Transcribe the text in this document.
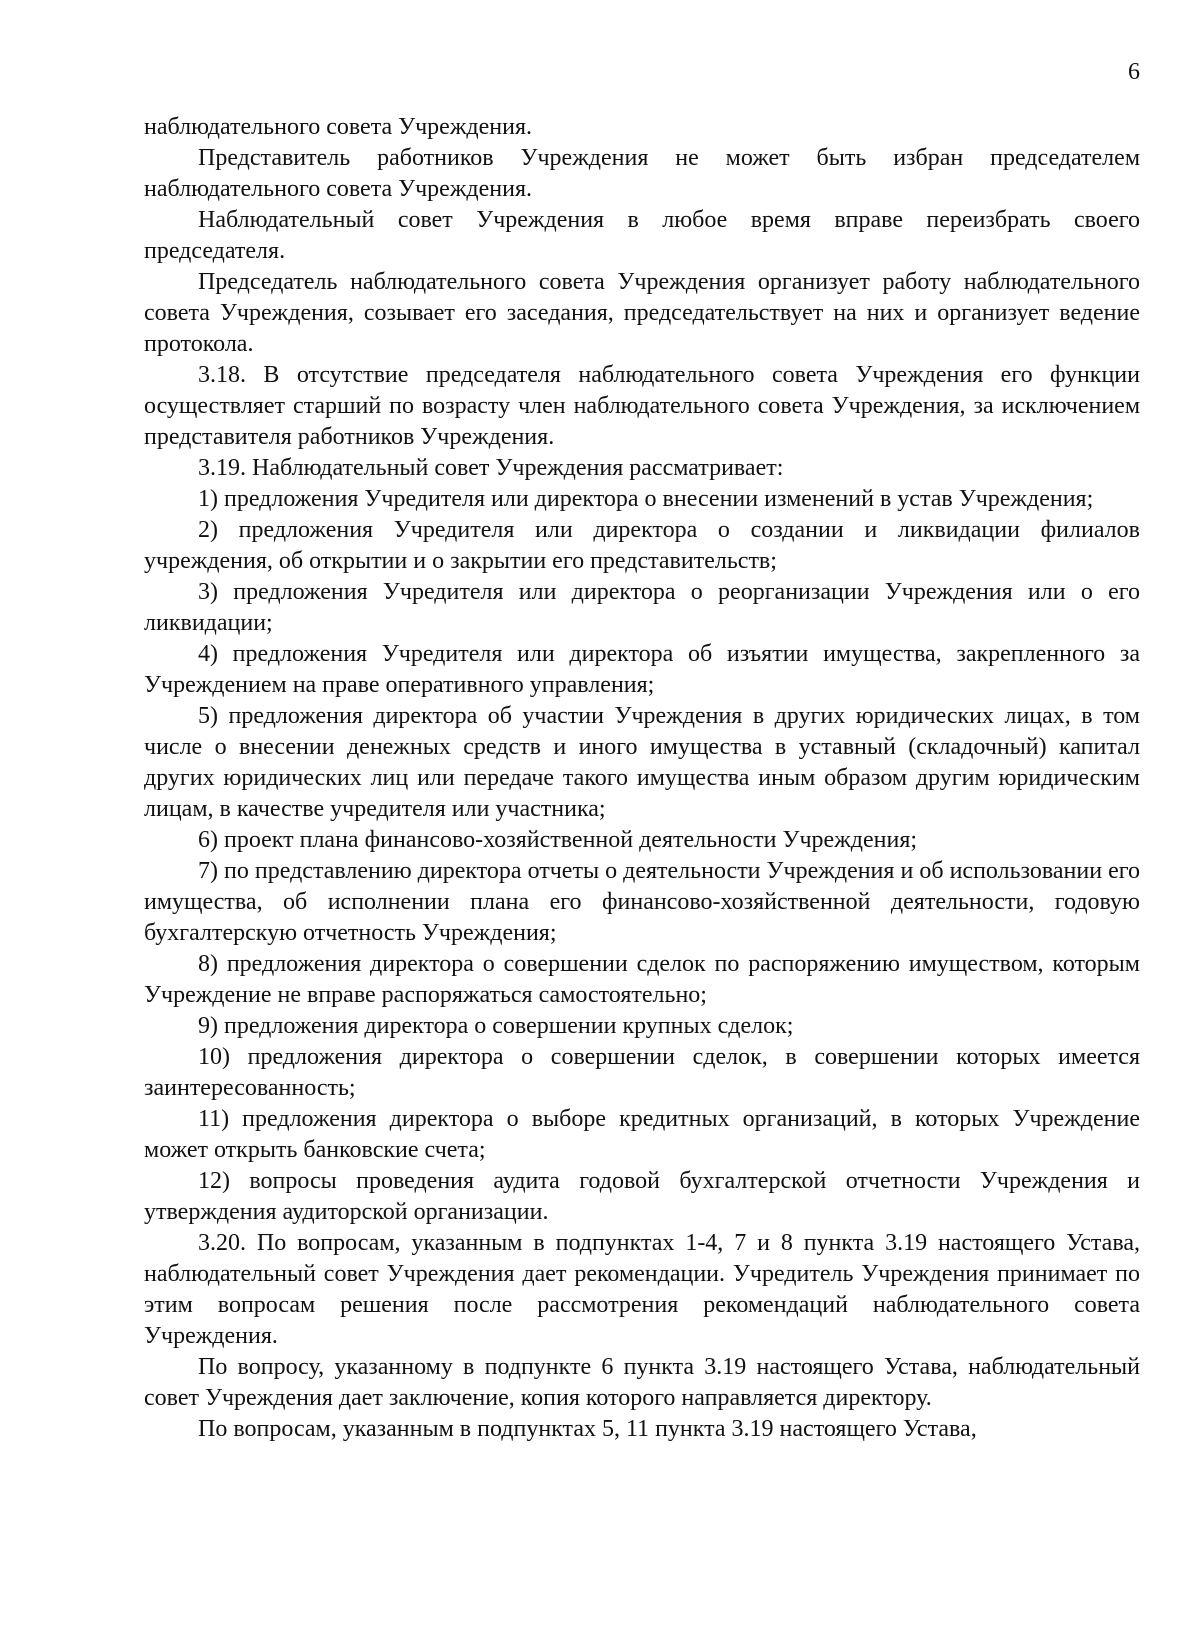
6

наблюдательного совета Учреждения.

Представитель работников Учреждения не может быть избран председателем наблюдательного совета Учреждения.

Наблюдательный совет Учреждения в любое время вправе переизбрать своего председателя.

Председатель наблюдательного совета Учреждения организует работу наблюдательного совета Учреждения, созывает его заседания, председательствует на них и организует ведение протокола.

3.18. В отсутствие председателя наблюдательного совета Учреждения его функции осуществляет старший по возрасту член наблюдательного совета Учреждения, за исключением представителя работников Учреждения.

3.19. Наблюдательный совет Учреждения рассматривает:

1) предложения Учредителя или директора о внесении изменений в устав Учреждения;

2) предложения Учредителя или директора о создании и ликвидации филиалов учреждения, об открытии и о закрытии его представительств;

3) предложения Учредителя или директора о реорганизации Учреждения или о его ликвидации;

4) предложения Учредителя или директора об изъятии имущества, закрепленного за Учреждением на праве оперативного управления;

5) предложения директора об участии Учреждения в других юридических лицах, в том числе о внесении денежных средств и иного имущества в уставный (складочный) капитал других юридических лиц или передаче такого имущества иным образом другим юридическим лицам, в качестве учредителя или участника;

6) проект плана финансово-хозяйственной деятельности Учреждения;

7) по представлению директора отчеты о деятельности Учреждения и об использовании его имущества, об исполнении плана его финансово-хозяйственной деятельности, годовую бухгалтерскую отчетность Учреждения;

8) предложения директора о совершении сделок по распоряжению имуществом, которым Учреждение не вправе распоряжаться самостоятельно;

9) предложения директора о совершении крупных сделок;

10) предложения директора о совершении сделок, в совершении которых имеется заинтересованность;

11) предложения директора о выборе кредитных организаций, в которых Учреждение может открыть банковские счета;

12) вопросы проведения аудита годовой бухгалтерской отчетности Учреждения и утверждения аудиторской организации.

3.20. По вопросам, указанным в подпунктах 1-4, 7 и 8 пункта 3.19 настоящего Устава, наблюдательный совет Учреждения дает рекомендации. Учредитель Учреждения принимает по этим вопросам решения после рассмотрения рекомендаций наблюдательного совета Учреждения.

По вопросу, указанному в подпункте 6 пункта 3.19 настоящего Устава, наблюдательный совет Учреждения дает заключение, копия которого направляется директору.

По вопросам, указанным в подпунктах 5, 11 пункта 3.19 настоящего Устава,
